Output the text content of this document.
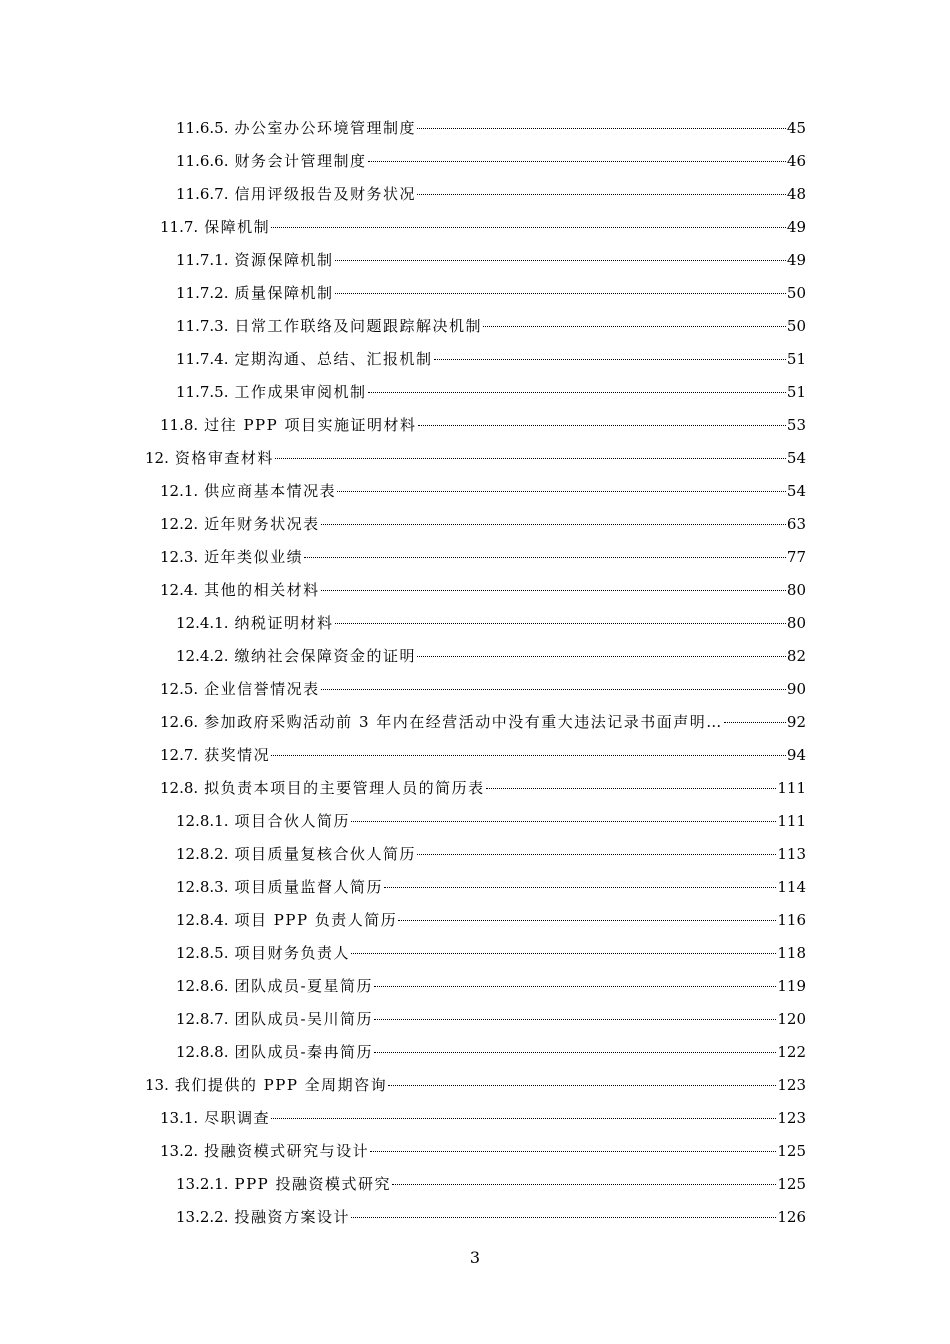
11.6.5. 办公室办公环境管理制度	45
11.6.6. 财务会计管理制度	46
11.6.7. 信用评级报告及财务状况	48
11.7. 保障机制	49
11.7.1. 资源保障机制	49
11.7.2. 质量保障机制	50
11.7.3. 日常工作联络及问题跟踪解决机制	50
11.7.4. 定期沟通、总结、汇报机制	51
11.7.5. 工作成果审阅机制	51
11.8. 过往 PPP 项目实施证明材料	53
12. 资格审查材料	54
12.1. 供应商基本情况表	54
12.2. 近年财务状况表	63
12.3. 近年类似业绩	77
12.4. 其他的相关材料	80
12.4.1. 纳税证明材料	80
12.4.2. 缴纳社会保障资金的证明	82
12.5. 企业信誉情况表	90
12.6. 参加政府采购活动前 3 年内在经营活动中没有重大违法记录书面声明…	92
12.7. 获奖情况	94
12.8. 拟负责本项目的主要管理人员的简历表	111
12.8.1. 项目合伙人简历	111
12.8.2. 项目质量复核合伙人简历	113
12.8.3. 项目质量监督人简历	114
12.8.4. 项目 PPP 负责人简历	116
12.8.5. 项目财务负责人	118
12.8.6. 团队成员-夏星简历	119
12.8.7. 团队成员-吴川简历	120
12.8.8. 团队成员-秦冉简历	122
13. 我们提供的 PPP 全周期咨询	123
13.1. 尽职调查	123
13.2. 投融资模式研究与设计	125
13.2.1. PPP 投融资模式研究	125
13.2.2. 投融资方案设计	126
3
